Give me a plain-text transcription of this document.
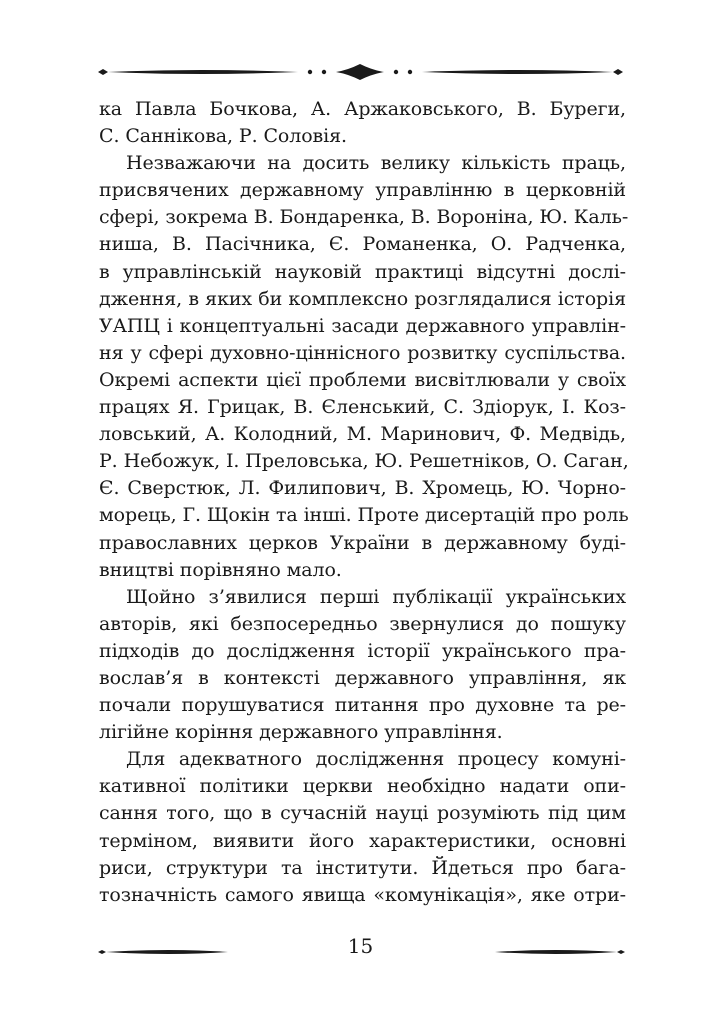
ка Павла Бочкова, А. Аржаковського, В. Буреги,
С. Саннікова, Р. Соловія.
Незважаючи на досить велику кількість праць,
присвячених державному управлінню в церковній
сфері, зокрема В. Бондаренка, В. Вороніна, Ю. Каль-
ниша, В. Пасічника, Є. Романенка, О. Радченка,
в управлінській науковій практиці відсутні дослі-
дження, в яких би комплексно розглядалися історія
УАПЦ і концептуальні засади державного управлін-
ня у сфері духовно-ціннісного розвитку суспільства.
Окремі аспекти цієї проблеми висвітлювали у своїх
працях Я. Грицак, В. Єленський, С. Здіорук, І. Коз-
ловський, А. Колодний, М. Маринович, Ф. Медвідь,
Р. Небожук, І. Преловська, Ю. Решетніков, О. Саган,
Є. Сверстюк, Л. Филипович, В. Хромець, Ю. Чорно-
морець, Г. Щокін та інші. Проте дисертацій про роль
православних церков України в державному буді-
вництві порівняно мало.
Щойно з’явилися перші публікації українських
авторів, які безпосередньо звернулися до пошуку
підходів до дослідження історії українського пра-
вослав’я в контексті державного управління, як
почали порушуватися питання про духовне та ре-
лігійне коріння державного управління.
Для адекватного дослідження процесу комуні-
кативної політики церкви необхідно надати опи-
сання того, що в сучасній науці розуміють під цим
терміном, виявити його характеристики, основні
риси, структури та інститути. Йдеться про бага-
тозначність самого явища «комунікація», яке отри-
15
